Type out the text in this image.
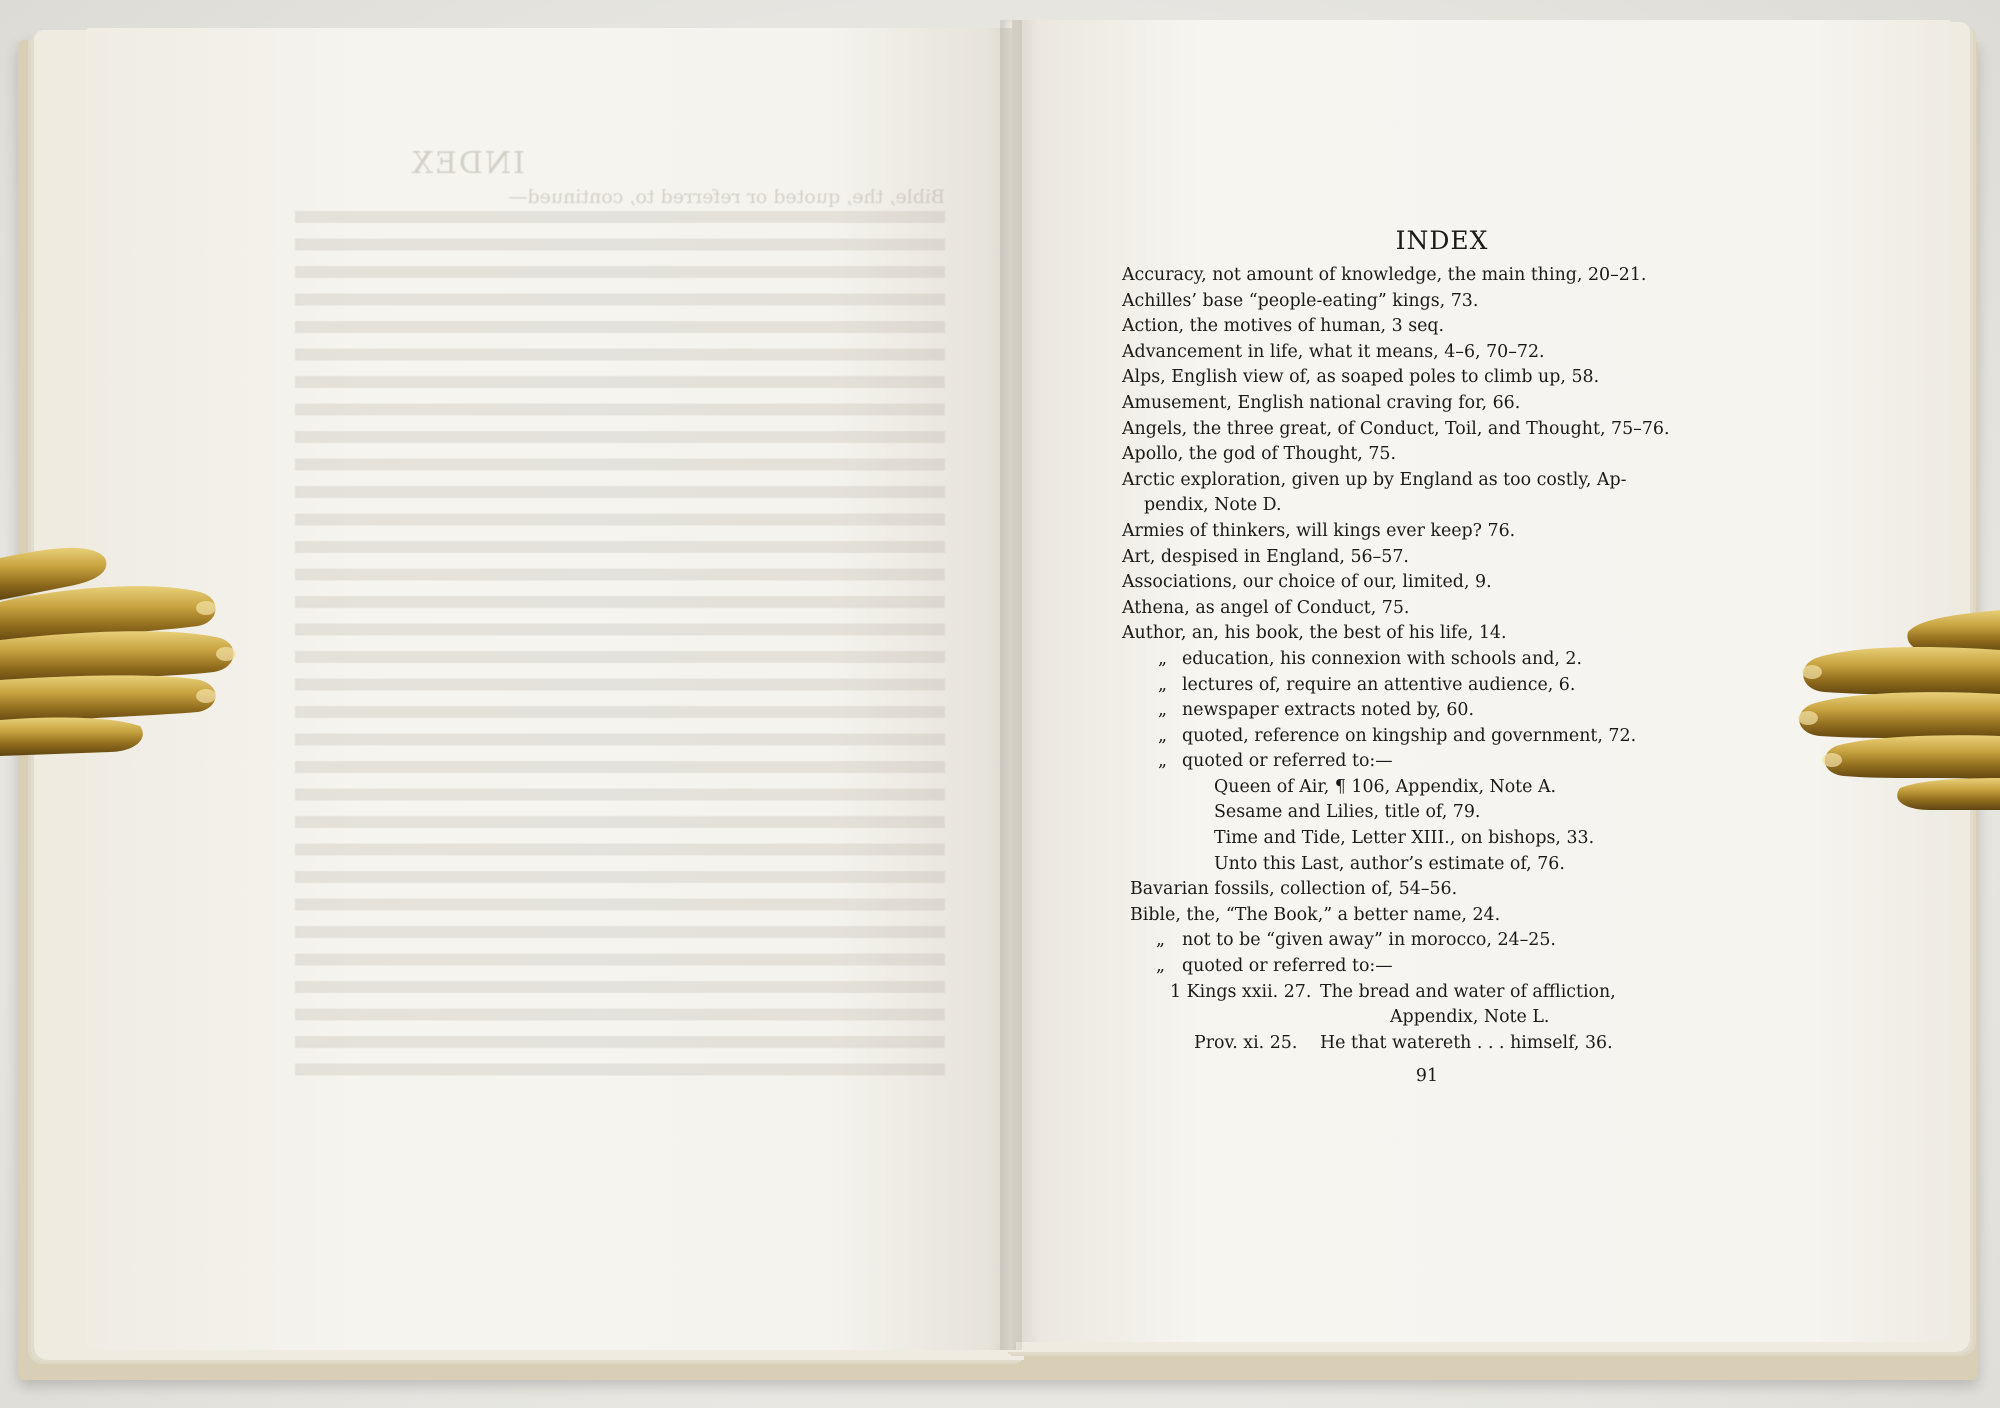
INDEX

Bible, the, quoted or referred to, continued—

INDEX
Accuracy, not amount of knowledge, the main thing, 20–21.
Achilles’ base “people-eating” kings, 73.
Action, the motives of human, 3 seq.
Advancement in life, what it means, 4–6, 70–72.
Alps, English view of, as soaped poles to climb up, 58.
Amusement, English national craving for, 66.
Angels, the three great, of Conduct, Toil, and Thought, 75–76.
Apollo, the god of Thought, 75.
Arctic exploration, given up by England as too costly, Ap-
pendix, Note D.
Armies of thinkers, will kings ever keep? 76.
Art, despised in England, 56–57.
Associations, our choice of our, limited, 9.
Athena, as angel of Conduct, 75.
Author, an, his book, the best of his life, 14.
„ education, his connexion with schools and, 2.
„ lectures of, require an attentive audience, 6.
„ newspaper extracts noted by, 60.
„ quoted, reference on kingship and government, 72.
„ quoted or referred to:—
Queen of Air, ¶ 106, Appendix, Note A.
Sesame and Lilies, title of, 79.
Time and Tide, Letter XIII., on bishops, 33.
Unto this Last, author’s estimate of, 76.
Bavarian fossils, collection of, 54–56.
Bible, the, “The Book,” a better name, 24.
„ not to be “given away” in morocco, 24–25.
„ quoted or referred to:—
1 Kings xxii. 27. The bread and water of affliction,
Appendix, Note L.
Prov. xi. 25.	He that watereth . . . himself, 36.
91
